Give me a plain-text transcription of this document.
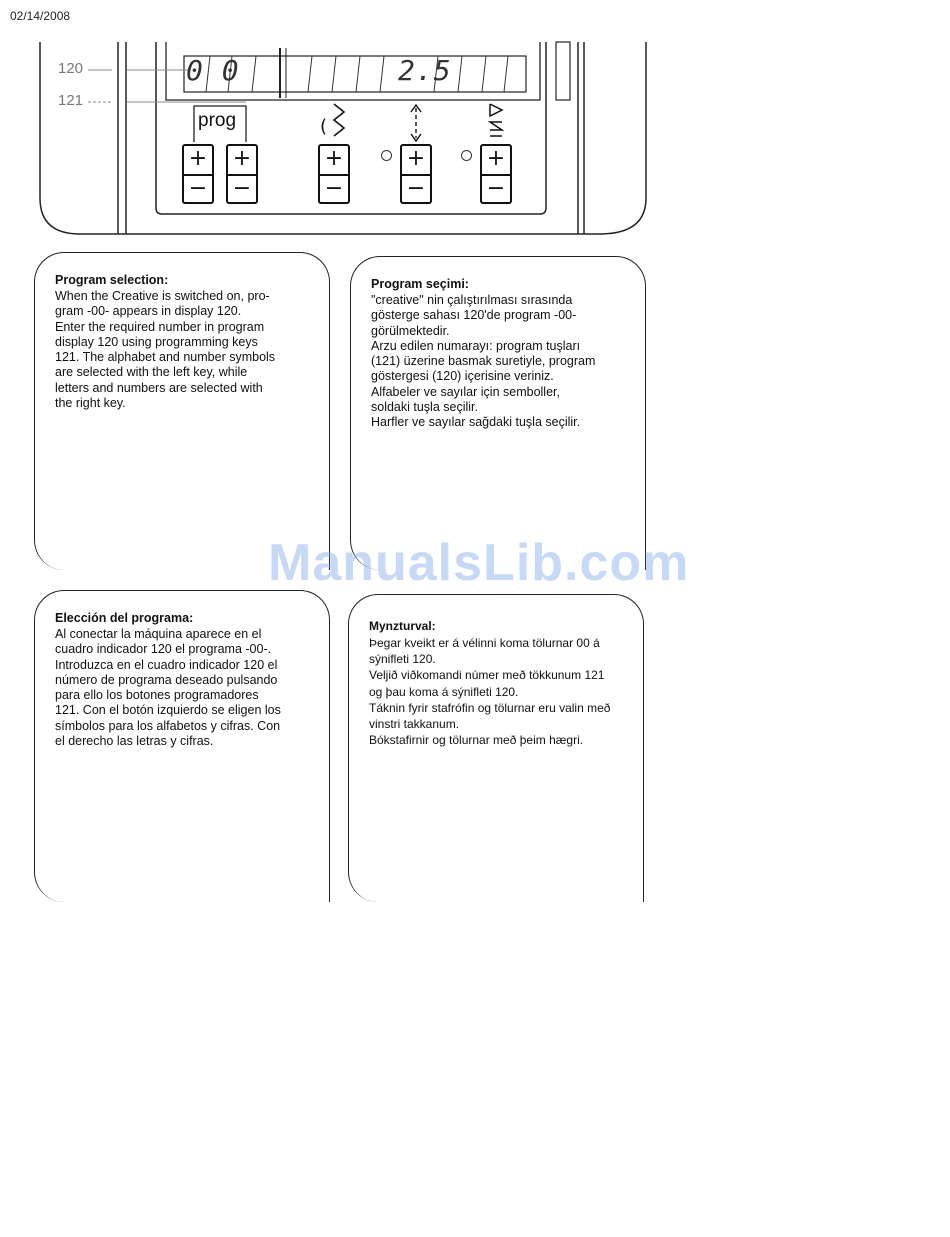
02/14/2008
120
121
0 0	2.5
prog	(
+
−
+
−
+
−
+
−
+
−
Program selection:

When the Creative is switched on, pro-
gram -00- appears in display 120.
Enter the required number in program
display 120 using programming keys
121. The alphabet and number symbols
are selected with the left key, while
letters and numbers are selected with
the right key.

Program seçimi:

"creative" nin çalıştırılması sırasında
gösterge sahası 120'de program -00-
görülmektedir.
Arzu edilen numarayı: program tuşları
(121) üzerine basmak suretiyle, program
göstergesi (120) içerisine veriniz.
Alfabeler ve sayılar için semboller,
soldaki tuşla seçilir.
Harfler ve sayılar sağdaki tuşla seçilir.

Elección del programa:

Al conectar la máquina aparece en el
cuadro indicador 120 el programa -00-.
Introduzca en el cuadro indicador 120 el
número de programa deseado pulsando
para ello los botones programadores
121. Con el botón izquierdo se eligen los
símbolos para los alfabetos y cifras. Con
el derecho las letras y cifras.

Mynzturval:

Þegar kveikt er á vélinni koma tölurnar 00 á
sýnifleti 120.
Veljið viðkomandi númer með tökkunum 121
og þau koma á sýnifleti 120.
Táknin fyrir stafrófin og tölurnar eru valin með
vinstri takkanum.
Bókstafirnir og tölurnar með þeim hægri.

ManualsLib.com
